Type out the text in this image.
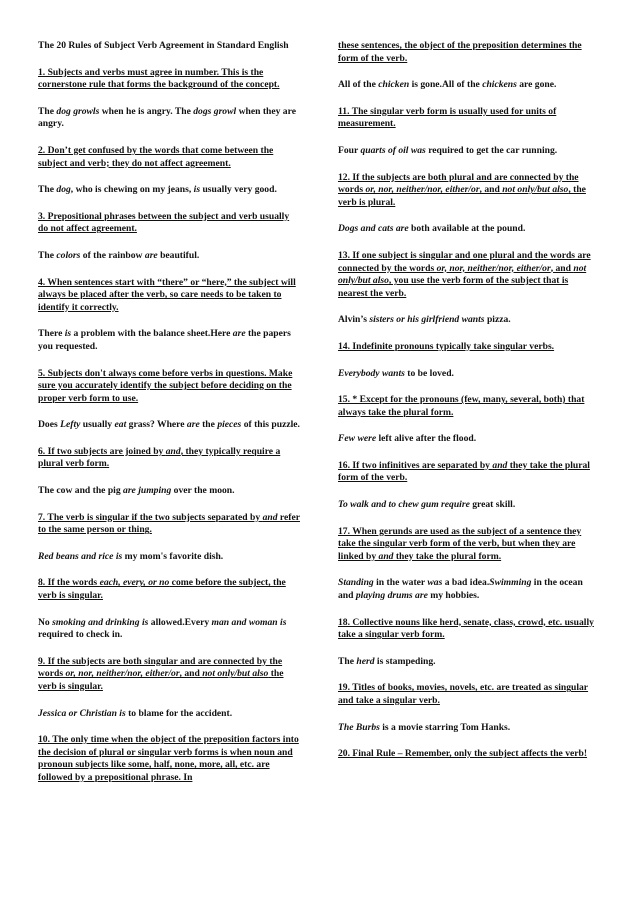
The 20 Rules of Subject Verb Agreement in Standard English
1. Subjects and verbs must agree in number. This is the cornerstone rule that forms the background of the concept.
The dog growls when he is angry. The dogs growl when they are angry.
2. Don’t get confused by the words that come between the subject and verb; they do not affect agreement.
The dog, who is chewing on my jeans, is usually very good.
3. Prepositional phrases between the subject and verb usually do not affect agreement.
The colors of the rainbow are beautiful.
4. When sentences start with “there” or “here,” the subject will always be placed after the verb, so care needs to be taken to identify it correctly.
There is a problem with the balance sheet.Here are the papers you requested.
5. Subjects don't always come before verbs in questions. Make sure you accurately identify the subject before deciding on the proper verb form to use.
Does Lefty usually eat grass? Where are the pieces of this puzzle.
6. If two subjects are joined by and, they typically require a plural verb form.
The cow and the pig are jumping over the moon.
7. The verb is singular if the two subjects separated by and refer to the same person or thing.
Red beans and rice is my mom's favorite dish.
8. If the words each, every, or no come before the subject, the verb is singular.
No smoking and drinking is allowed.Every man and woman is required to check in.
9. If the subjects are both singular and are connected by the words or, nor, neither/nor, either/or, and not only/but also the verb is singular.
Jessica or Christian is to blame for the accident.
10. The only time when the object of the preposition factors into the decision of plural or singular verb forms is when noun and pronoun subjects like some, half, none, more, all, etc. are followed by a prepositional phrase. In
these sentences, the object of the preposition determines the form of the verb.
All of the chicken is gone.All of the chickens are gone.
11. The singular verb form is usually used for units of measurement.
Four quarts of oil was required to get the car running.
12. If the subjects are both plural and are connected by the words or, nor, neither/nor, either/or, and not only/but also, the verb is plural.
Dogs and cats are both available at the pound.
13. If one subject is singular and one plural and the words are connected by the words or, nor, neither/nor, either/or, and not only/but also, you use the verb form of the subject that is nearest the verb.
Alvin’s sisters or his girlfriend wants pizza.
14. Indefinite pronouns typically take singular verbs.
Everybody wants to be loved.
15. * Except for the pronouns (few, many, several, both) that always take the plural form.
Few were left alive after the flood.
16. If two infinitives are separated by and they take the plural form of the verb.
To walk and to chew gum require great skill.
17. When gerunds are used as the subject of a sentence they take the singular verb form of the verb, but when they are linked by and they take the plural form.
Standing in the water was a bad idea.Swimming in the ocean and playing drums are my hobbies.
18. Collective nouns like herd, senate, class, crowd, etc. usually take a singular verb form.
The herd is stampeding.
19. Titles of books, movies, novels, etc. are treated as singular and take a singular verb.
The Burbs is a movie starring Tom Hanks.
20. Final Rule – Remember, only the subject affects the verb!
